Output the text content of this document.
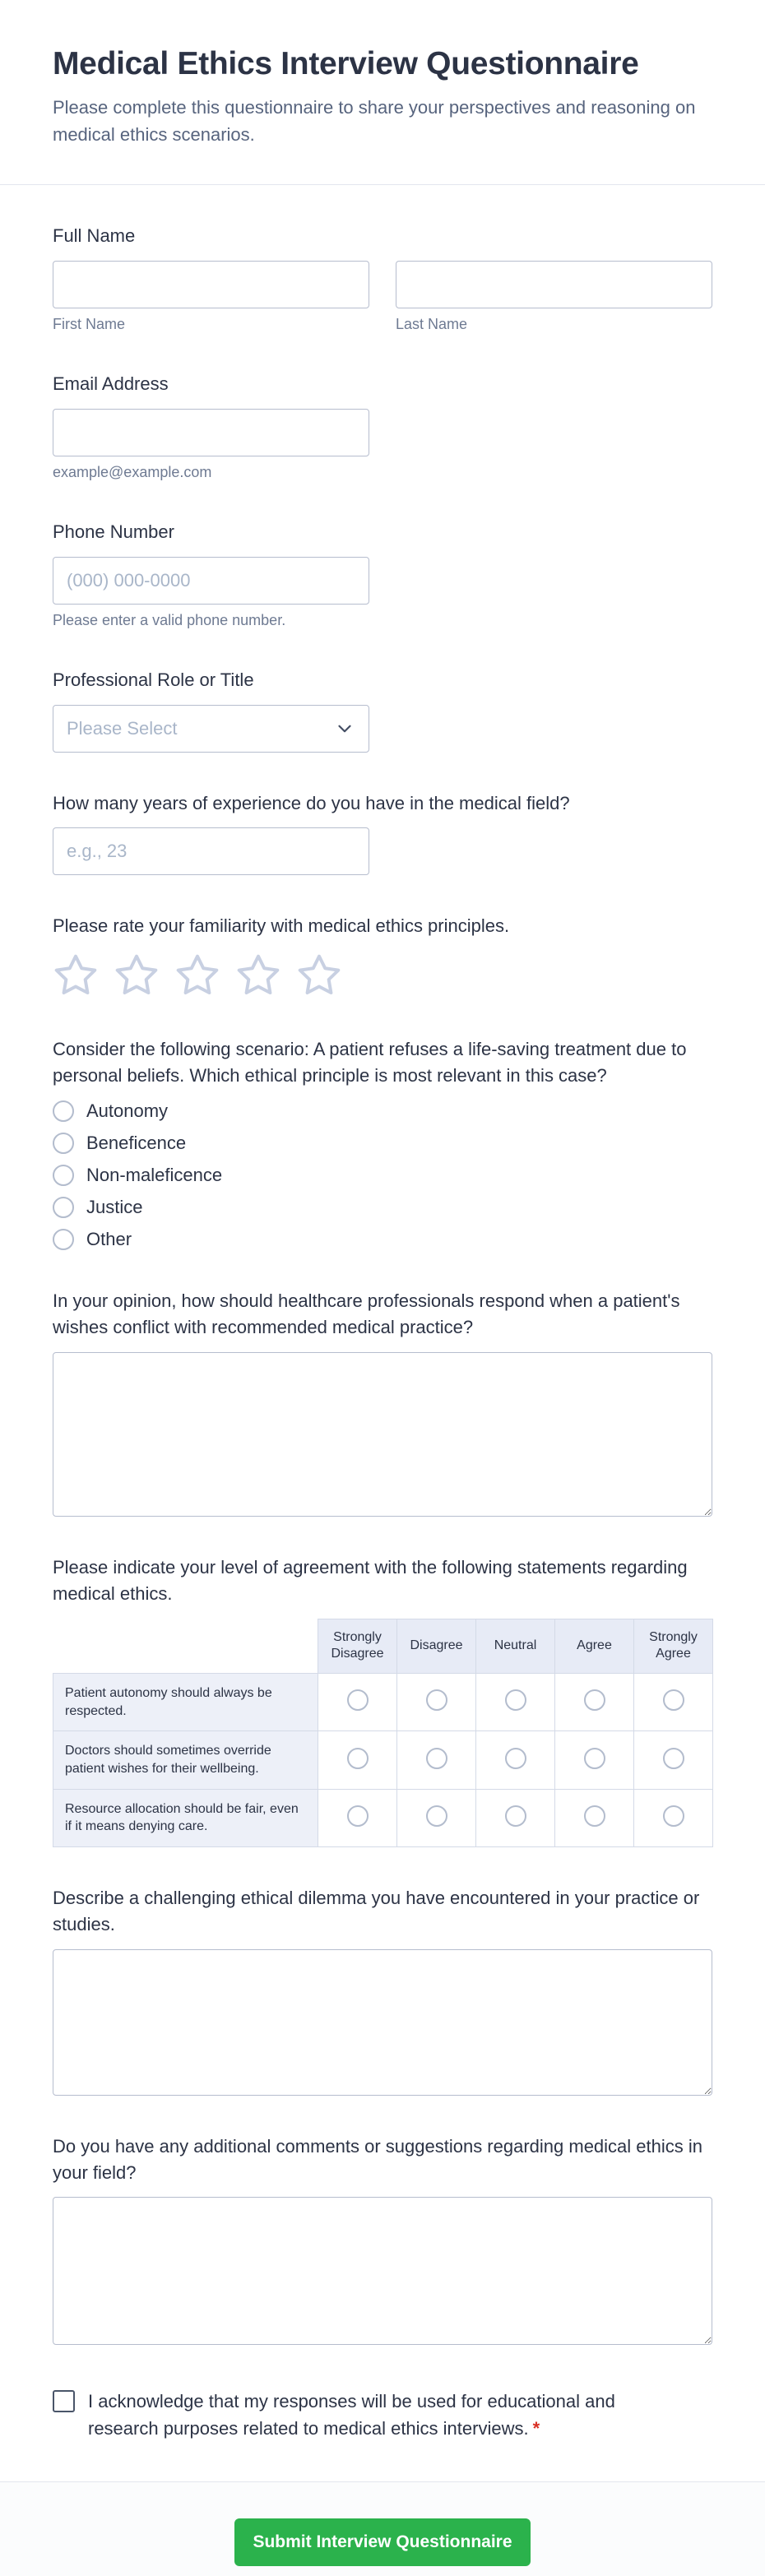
Medical Ethics Interview Questionnaire

Please complete this questionnaire to share your perspectives and reasoning on medical ethics scenarios.

Full Name
First Name	Last Name
Email Address
example@example.com
Phone Number
(000) 000-0000
Please enter a valid phone number.
Professional Role or Title
Please Select
How many years of experience do you have in the medical field?
e.g., 23
Please rate your familiarity with medical ethics principles.
Consider the following scenario: A patient refuses a life-saving treatment due to personal beliefs. Which ethical principle is most relevant in this case?
Autonomy
Beneficence
Non-maleficence
Justice
Other
In your opinion, how should healthcare professionals respond when a patient's wishes conflict with recommended medical practice?
Please indicate your level of agreement with the following statements regarding medical ethics.
	Strongly Disagree	Disagree	Neutral	Agree	Strongly Agree
Patient autonomy should always be respected.					
Doctors should sometimes override patient wishes for their wellbeing.					
Resource allocation should be fair, even if it means denying care.					
Describe a challenging ethical dilemma you have encountered in your practice or studies.
Do you have any additional comments or suggestions regarding medical ethics in your field?
I acknowledge that my responses will be used for educational and research purposes related to medical ethics interviews. *
Submit Interview Questionnaire
